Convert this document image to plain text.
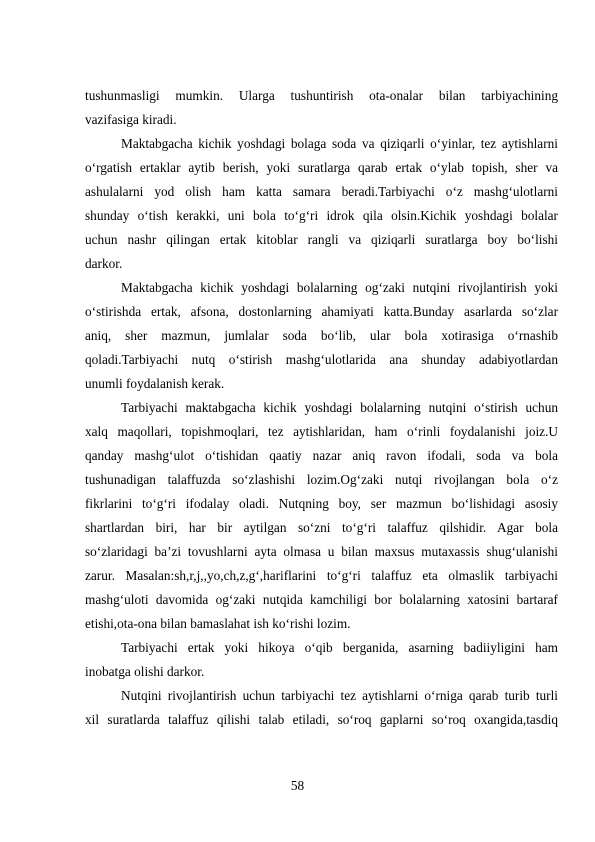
tushunmasligi mumkin. Ularga tushuntirish ota-onalar bilan tarbiyachining
vazifasiga kiradi.
Maktabgacha kichik yoshdagi bolaga soda va qiziqarli o‘yinlar, tez aytishlarni
o‘rgatish ertaklar aytib berish, yoki suratlarga qarab ertak o‘ylab topish, sher va
ashulalarni yod olish ham katta samara beradi.Tarbiyachi o‘z mashg‘ulotlarni
shunday o‘tish kerakki, uni bola to‘g‘ri idrok qila olsin.Kichik yoshdagi bolalar
uchun nashr qilingan ertak kitoblar rangli va qiziqarli suratlarga boy bo‘lishi
darkor.
Maktabgacha kichik yoshdagi bolalarning og‘zaki nutqini rivojlantirish yoki
o‘stirishda ertak, afsona, dostonlarning ahamiyati katta.Bunday asarlarda so‘zlar
aniq, sher mazmun, jumlalar soda bo‘lib, ular bola xotirasiga o‘rnashib
qoladi.Tarbiyachi nutq o‘stirish mashg‘ulotlarida ana shunday adabiyotlardan
unumli foydalanish kerak.
Tarbiyachi maktabgacha kichik yoshdagi bolalarning nutqini o‘stirish uchun
xalq maqollari, topishmoqlari, tez aytishlaridan, ham o‘rinli foydalanishi joiz.U
qanday mashg‘ulot o‘tishidan qaatiy nazar aniq ravon ifodali, soda va bola
tushunadigan talaffuzda so‘zlashishi lozim.Og‘zaki nutqi rivojlangan bola o‘z
fikrlarini to‘g‘ri ifodalay oladi. Nutqning boy, ser mazmun bo‘lishidagi asosiy
shartlardan biri, har bir aytilgan so‘zni to‘g‘ri talaffuz qilshidir. Agar bola
so‘zlaridagi ba’zi tovushlarni ayta olmasa u bilan maxsus mutaxassis shug‘ulanishi
zarur. Masalan:sh,r,j,,yo,ch,z,g‘,hariflarini to‘g‘ri talaffuz eta olmaslik tarbiyachi
mashg‘uloti davomida og‘zaki nutqida kamchiligi bor bolalarning xatosini bartaraf
etishi,ota-ona bilan bamaslahat ish ko‘rishi lozim.
Tarbiyachi ertak yoki hikoya o‘qib berganida, asarning badiiyligini ham
inobatga olishi darkor.
Nutqini rivojlantirish uchun tarbiyachi tez aytishlarni o‘rniga qarab turib turli
xil suratlarda talaffuz qilishi talab etiladi, so‘roq gaplarni so‘roq oxangida,tasdiq
58
